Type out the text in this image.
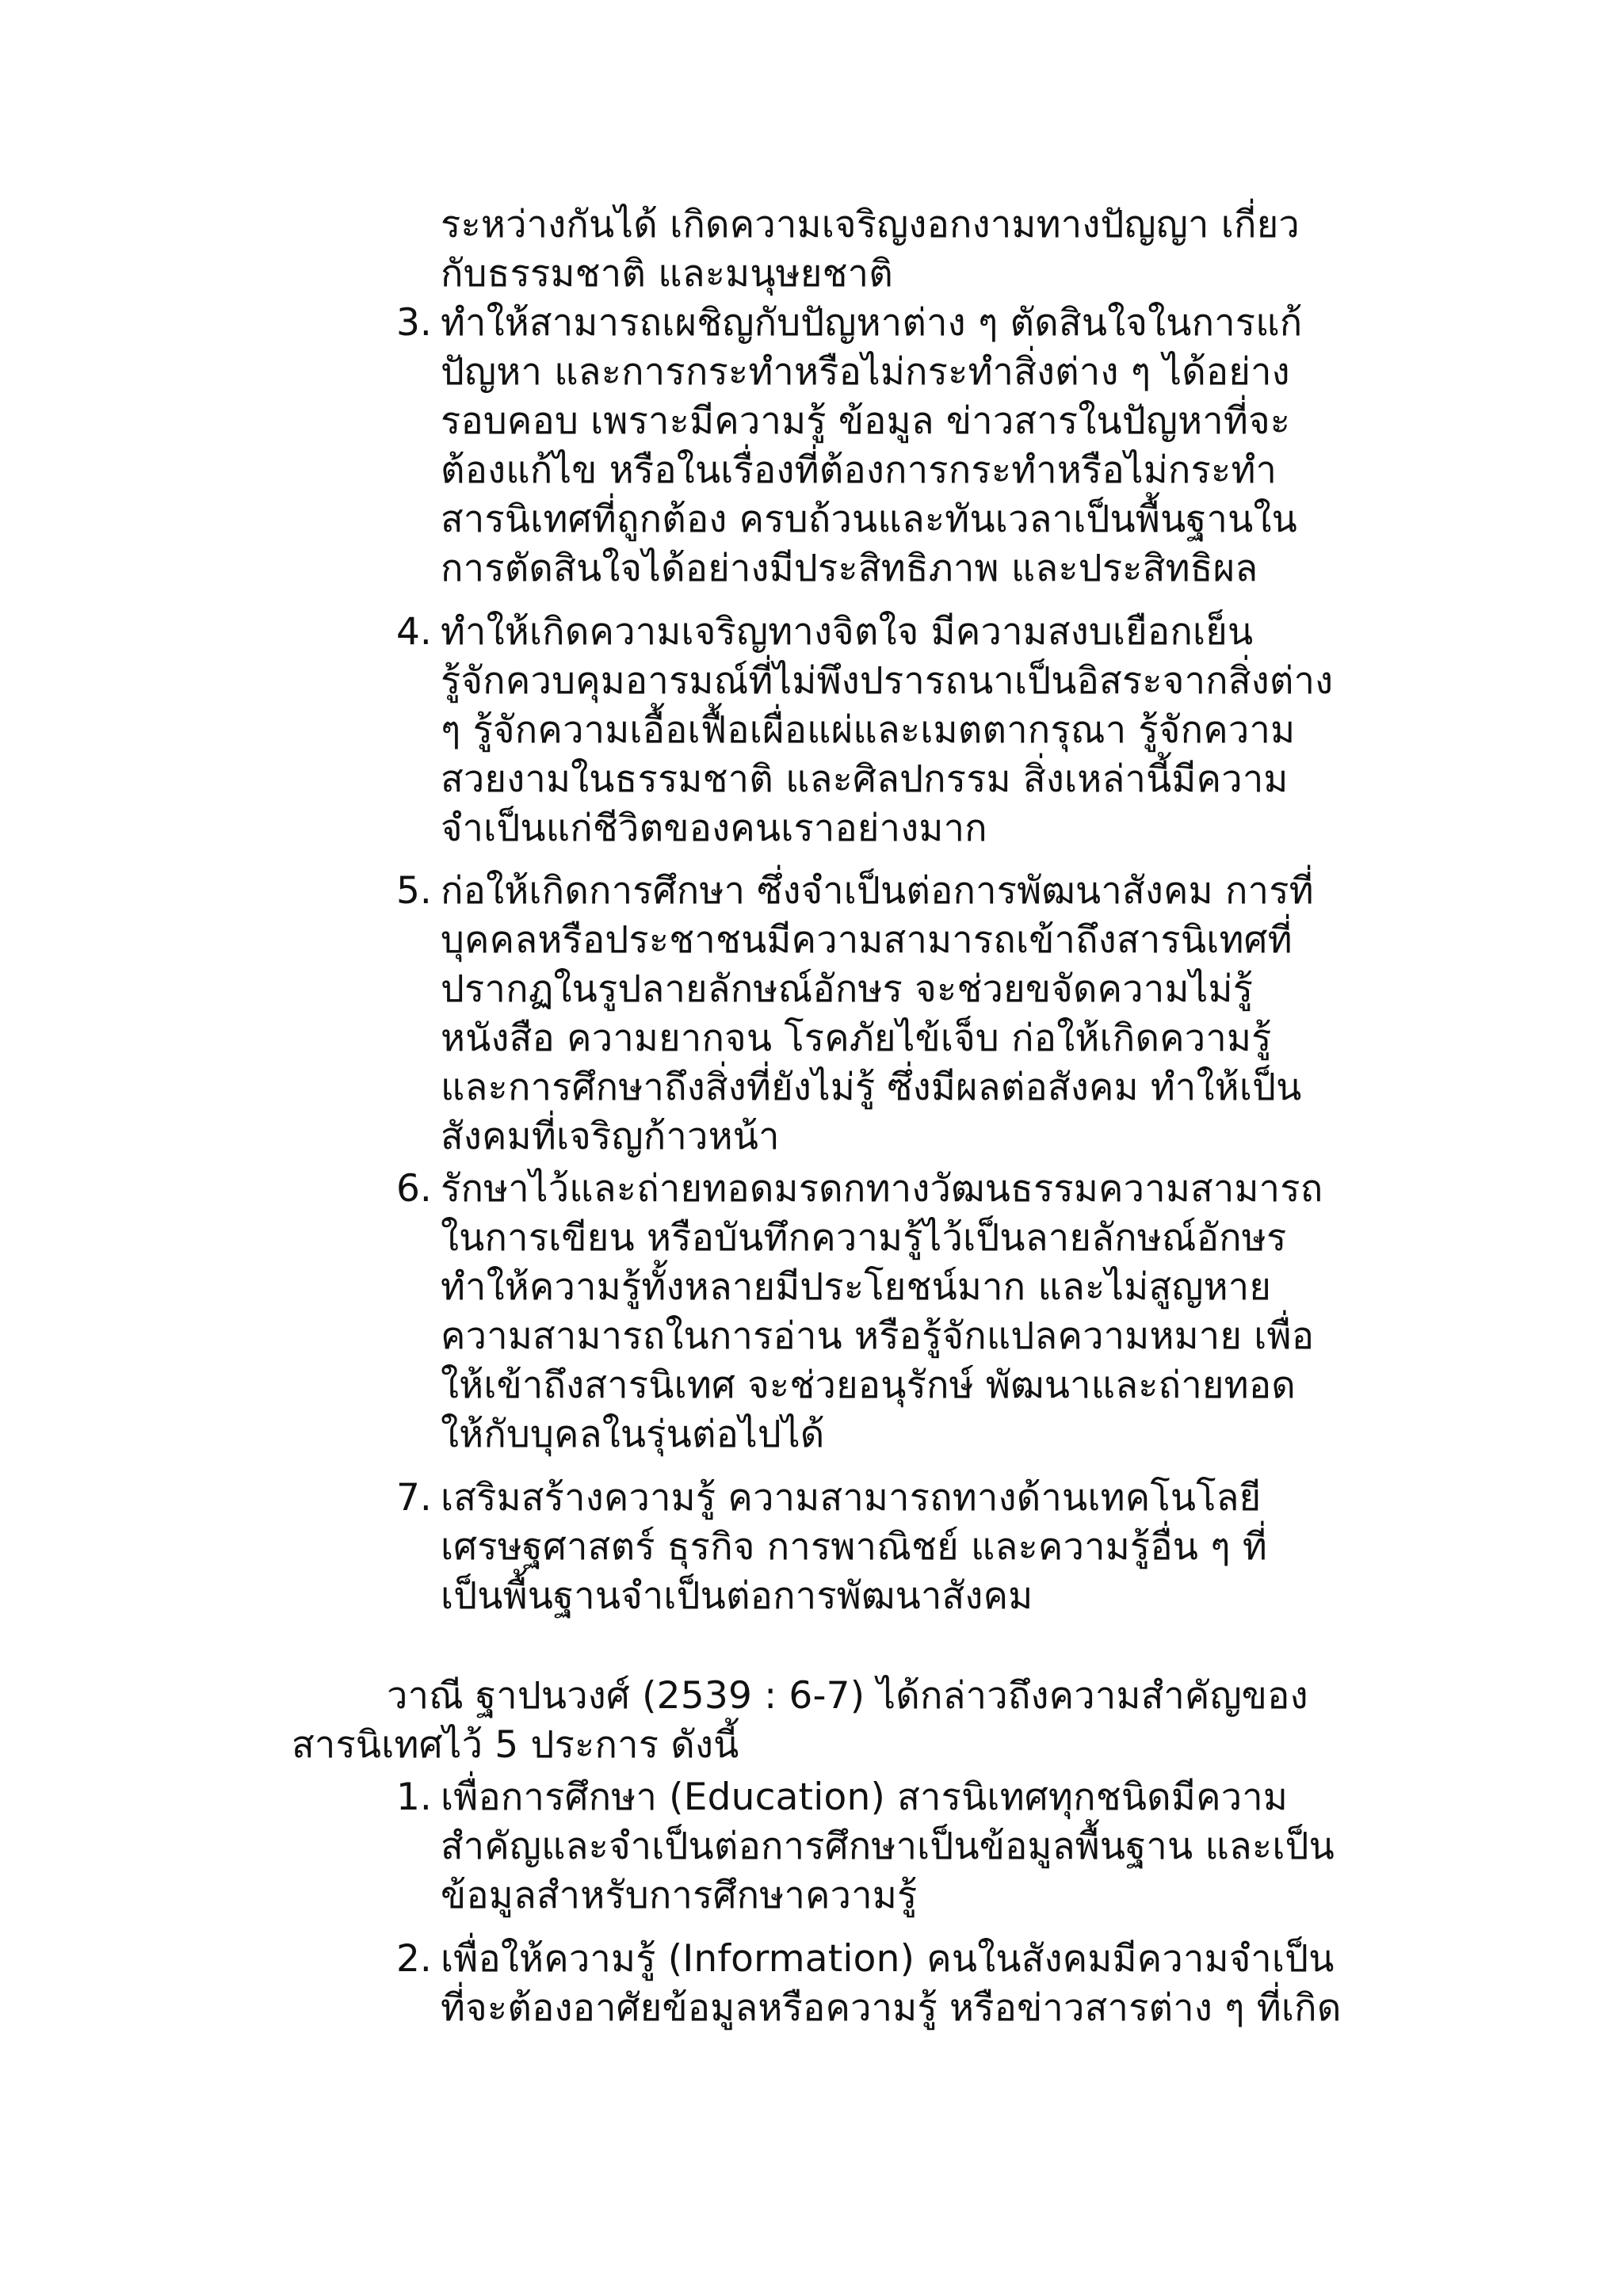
ระหว่างกันได้ เกิดความเจริญงอกงามทางปัญญา เกี่ยว
กับธรรมชาติ และมนุษยชาติ
3. ทำให้สามารถเผชิญกับปัญหาต่าง ๆ ตัดสินใจในการแก้
ปัญหา และการกระทำหรือไม่กระทำสิ่งต่าง ๆ ได้อย่าง
รอบคอบ เพราะมีความรู้ ข้อมูล ข่าวสารในปัญหาที่จะ
ต้องแก้ไข หรือในเรื่องที่ต้องการกระทำหรือไม่กระทำ
สารนิเทศที่ถูกต้อง ครบถ้วนและทันเวลาเป็นพื้นฐานใน
การตัดสินใจได้อย่างมีประสิทธิภาพ และประสิทธิผล
4. ทำให้เกิดความเจริญทางจิตใจ มีความสงบเยือกเย็น
รู้จักควบคุมอารมณ์ที่ไม่พึงปรารถนาเป็นอิสระจากสิ่งต่าง
ๆ รู้จักความเอื้อเฟื้อเผื่อแผ่และเมตตากรุณา รู้จักความ
สวยงามในธรรมชาติ และศิลปกรรม สิ่งเหล่านี้มีความ
จำเป็นแก่ชีวิตของคนเราอย่างมาก
5. ก่อให้เกิดการศึกษา ซึ่งจำเป็นต่อการพัฒนาสังคม การที่
บุคคลหรือประชาชนมีความสามารถเข้าถึงสารนิเทศที่
ปรากฏในรูปลายลักษณ์อักษร จะช่วยขจัดความไม่รู้
หนังสือ ความยากจน โรคภัยไข้เจ็บ ก่อให้เกิดความรู้
และการศึกษาถึงสิ่งที่ยังไม่รู้ ซึ่งมีผลต่อสังคม ทำให้เป็น
สังคมที่เจริญก้าวหน้า
6. รักษาไว้และถ่ายทอดมรดกทางวัฒนธรรมความสามารถ
ในการเขียน หรือบันทึกความรู้ไว้เป็นลายลักษณ์อักษร
ทำให้ความรู้ทั้งหลายมีประโยชน์มาก และไม่สูญหาย
ความสามารถในการอ่าน หรือรู้จักแปลความหมาย เพื่อ
ให้เข้าถึงสารนิเทศ จะช่วยอนุรักษ์ พัฒนาและถ่ายทอด
ให้กับบุคลในรุ่นต่อไปได้
7. เสริมสร้างความรู้ ความสามารถทางด้านเทคโนโลยี
เศรษฐศาสตร์ ธุรกิจ การพาณิชย์ และความรู้อื่น ๆ ที่
เป็นพื้นฐานจำเป็นต่อการพัฒนาสังคม
วาณี ฐาปนวงศ์ (2539 : 6-7) ได้กล่าวถึงความสำคัญของ
สารนิเทศไว้ 5 ประการ ดังนี้
1. เพื่อการศึกษา (Education) สารนิเทศทุกชนิดมีความ
สำคัญและจำเป็นต่อการศึกษาเป็นข้อมูลพื้นฐาน และเป็น
ข้อมูลสำหรับการศึกษาความรู้
2. เพื่อให้ความรู้ (Information) คนในสังคมมีความจำเป็น
ที่จะต้องอาศัยข้อมูลหรือความรู้ หรือข่าวสารต่าง ๆ ที่เกิด
